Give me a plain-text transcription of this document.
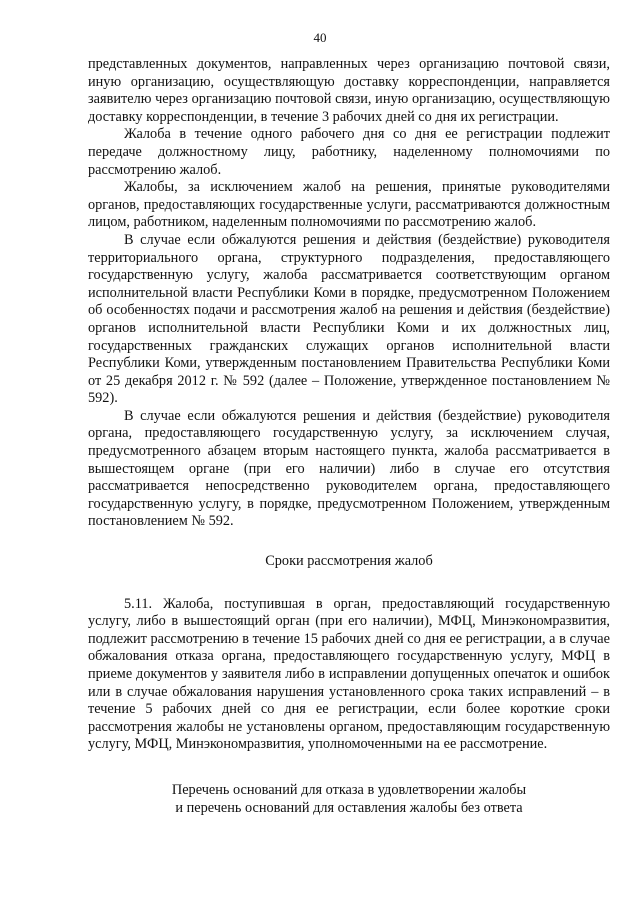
40

представленных документов, направленных через организацию почтовой связи, иную организацию, осуществляющую доставку корреспонденции, направляется заявителю через организацию почтовой связи, иную организацию, осуществляющую доставку корреспонденции, в течение 3 рабочих дней со дня их регистрации.

Жалоба в течение одного рабочего дня со дня ее регистрации подлежит передаче должностному лицу, работнику, наделенному полномочиями по рассмотрению жалоб.

Жалобы, за исключением жалоб на решения, принятые руководителями органов, предоставляющих государственные услуги, рассматриваются должностным лицом, работником, наделенным полномочиями по рассмотрению жалоб.

В случае если обжалуются решения и действия (бездействие) руководителя территориального органа, структурного подразделения, предоставляющего государственную услугу, жалоба рассматривается соответствующим органом исполнительной власти Республики Коми в порядке, предусмотренном Положением об особенностях подачи и рассмотрения жалоб на решения и действия (бездействие) органов исполнительной власти Республики Коми и их должностных лиц, государственных гражданских служащих органов исполнительной власти Республики Коми, утвержденным постановлением Правительства Республики Коми от 25 декабря 2012 г. № 592 (далее – Положение, утвержденное постановлением № 592).

В случае если обжалуются решения и действия (бездействие) руководителя органа, предоставляющего государственную услугу, за исключением случая, предусмотренного абзацем вторым настоящего пункта, жалоба рассматривается в вышестоящем органе (при его наличии) либо в случае его отсутствия рассматривается непосредственно руководителем органа, предоставляющего государственную услугу, в порядке, предусмотренном Положением, утвержденным постановлением № 592.

Сроки рассмотрения жалоб

5.11. Жалоба, поступившая в орган, предоставляющий государственную услугу, либо в вышестоящий орган (при его наличии), МФЦ, Минэкономразвития, подлежит рассмотрению в течение 15 рабочих дней со дня ее регистрации, а в случае обжалования отказа органа, предоставляющего государственную услугу, МФЦ в приеме документов у заявителя либо в исправлении допущенных опечаток и ошибок или в случае обжалования нарушения установленного срока таких исправлений – в течение 5 рабочих дней со дня ее регистрации, если более короткие сроки рассмотрения жалобы не установлены органом, предоставляющим государственную услугу, МФЦ, Минэкономразвития, уполномоченными на ее рассмотрение.

Перечень оснований для отказа в удовлетворении жалобы
и перечень оснований для оставления жалобы без ответа
